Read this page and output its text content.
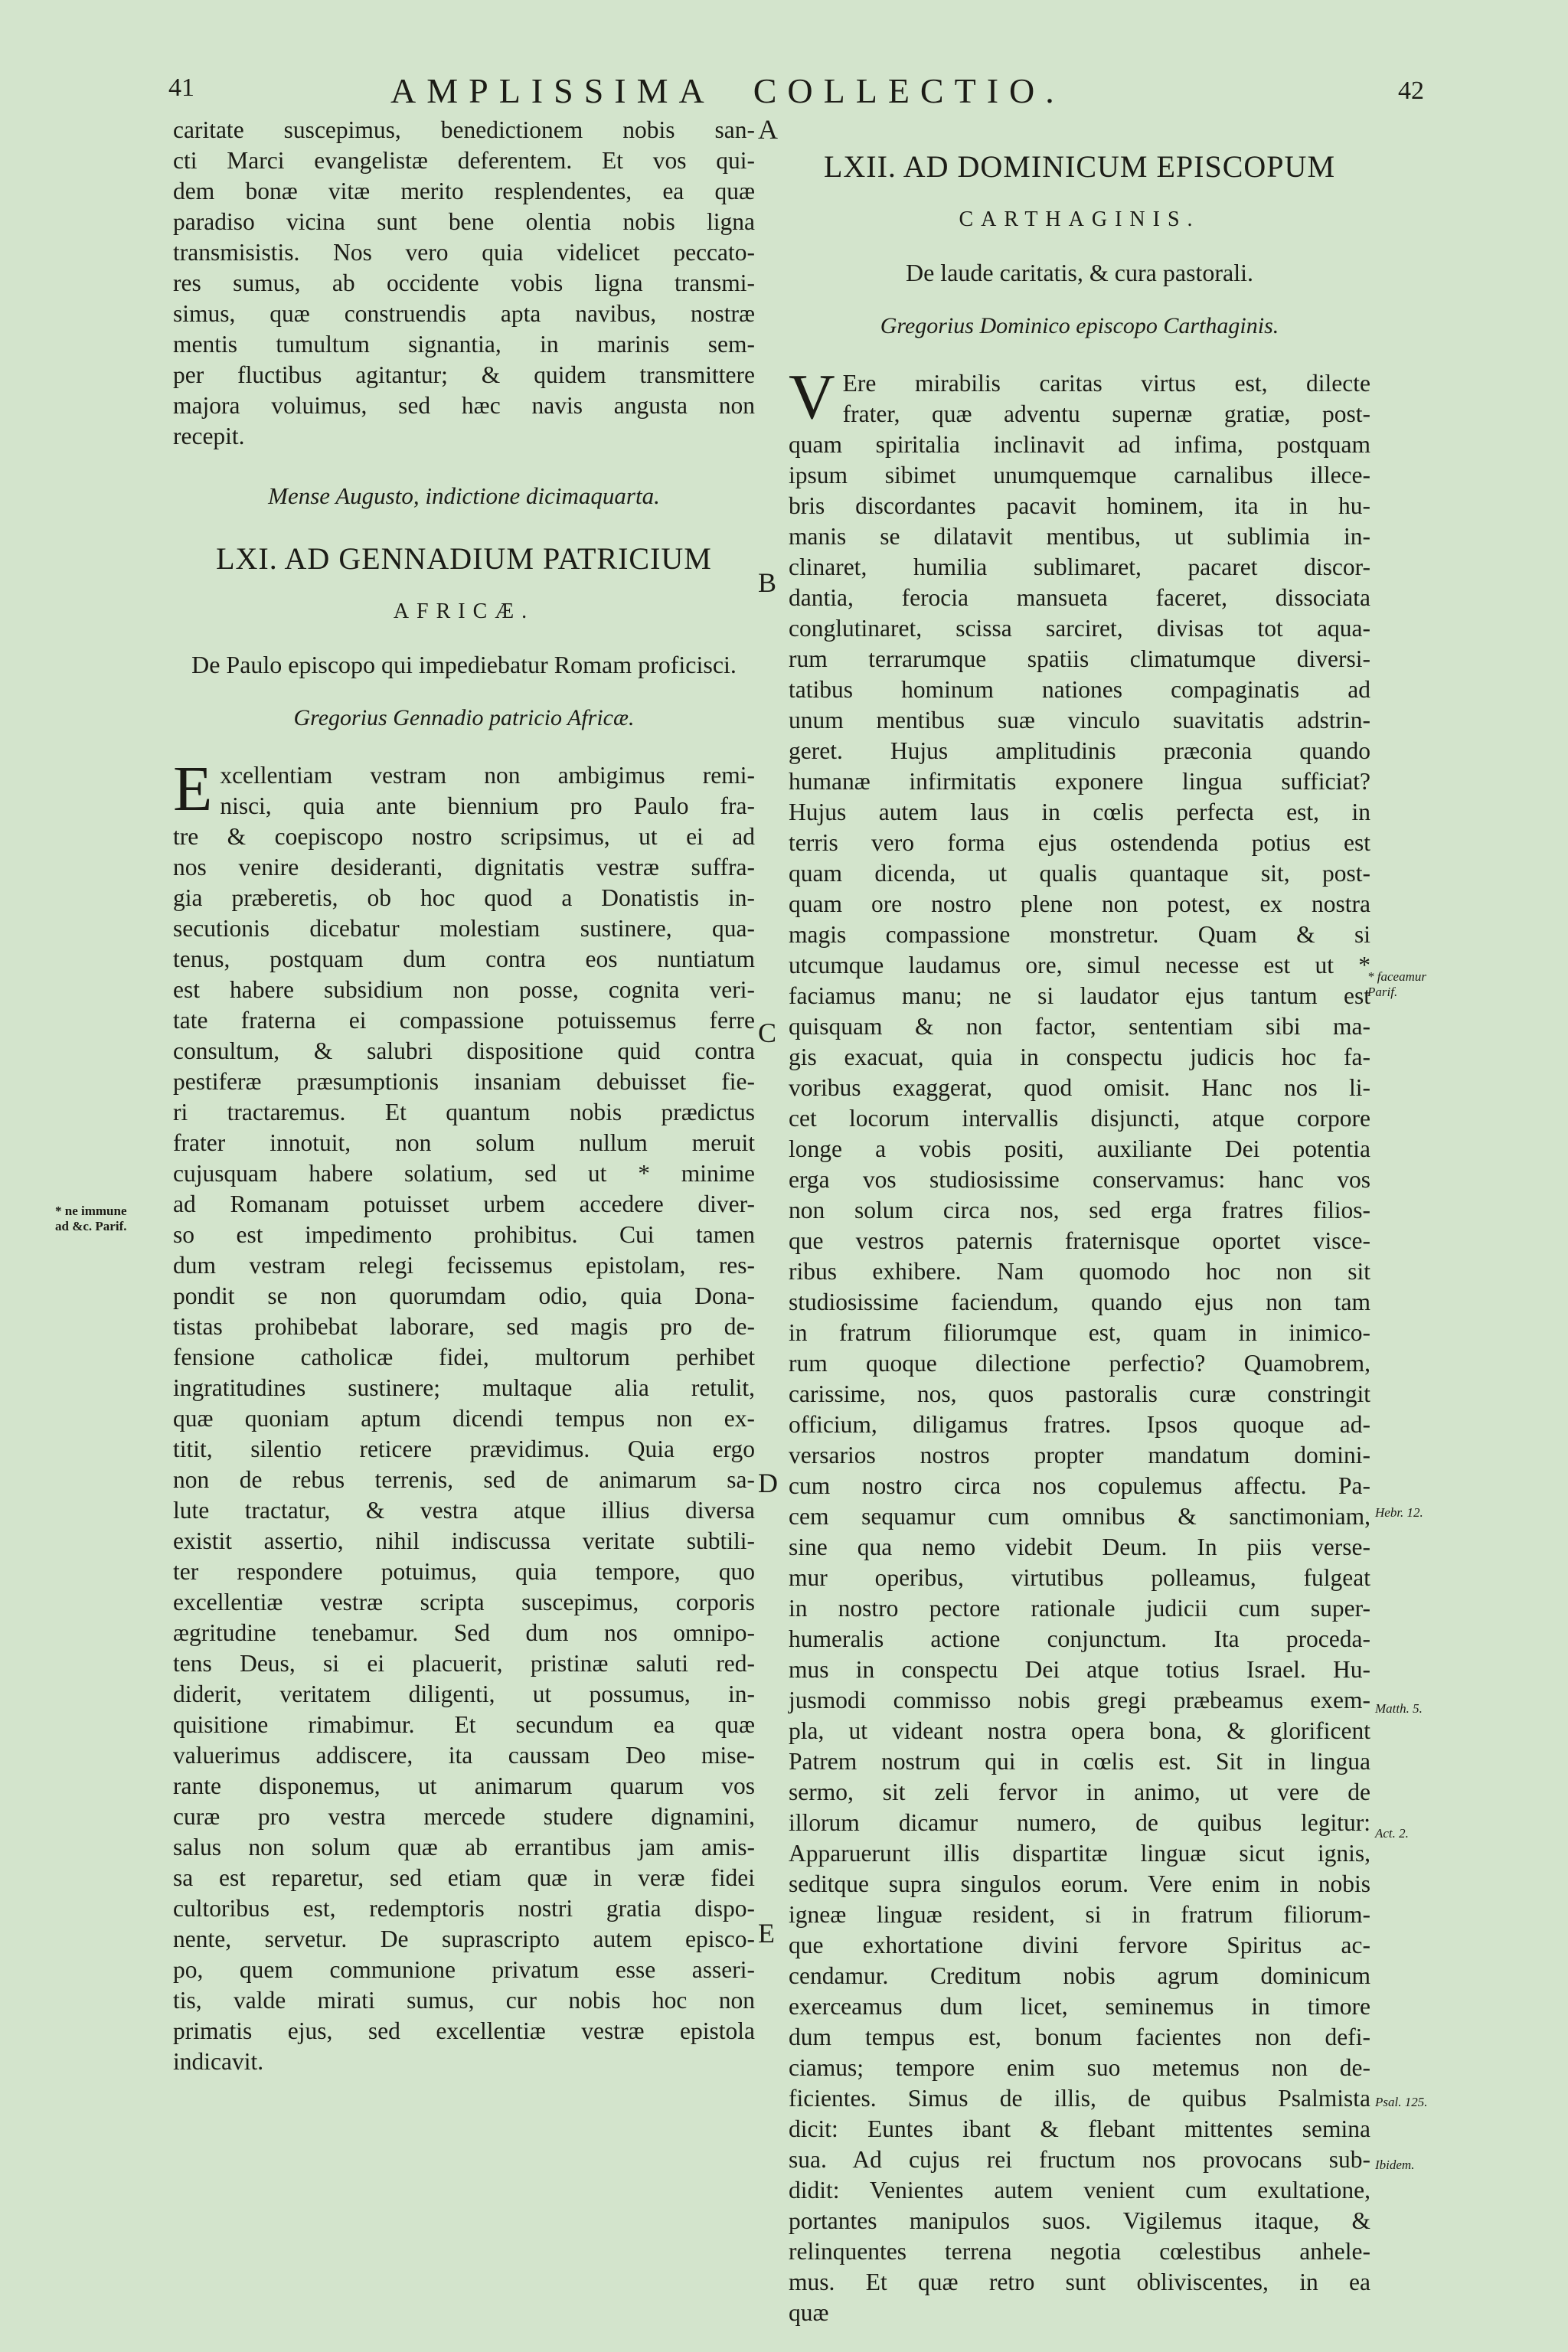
41	AMPLISSIMA COLLECTIO.	42
caritate suscepimus, benedictionem nobis san-
cti Marci evangelistæ deferentem. Et vos qui-
dem bonæ vitæ merito resplendentes, ea quæ
paradiso vicina sunt bene olentia nobis ligna
transmisistis. Nos vero quia videlicet peccato-
res sumus, ab occidente vobis ligna transmi-
simus, quæ construendis apta navibus, nostræ
mentis tumultum signantia, in marinis sem-
per fluctibus agitantur; & quidem transmittere
majora voluimus, sed hæc navis angusta non
recepit.
Mense Augusto, indictione dicimaquarta.
LXI. AD GENNADIUM PATRICIUM
AFRICÆ.
De Paulo episcopo qui impediebatur Romam proficisci.
Gregorius Gennadio patricio Africæ.
E xcellentiam vestram non ambigimus remi-
nisci, quia ante biennium pro Paulo fra-
tre & coepiscopo nostro scripsimus, ut ei ad
nos venire desideranti, dignitatis vestræ suffra-
gia præberetis, ob hoc quod a Donatistis in-
secutionis dicebatur molestiam sustinere, qua-
tenus, postquam dum contra eos nuntiatum
est habere subsidium non posse, cognita veri-
tate fraterna ei compassione potuissemus ferre
consultum, & salubri dispositione quid contra
pestiferæ præsumptionis insaniam debuisset fie-
ri tractaremus. Et quantum nobis prædictus
frater innotuit, non solum nullum meruit
cujusquam habere solatium, sed ut * minime
ad Romanam potuisset urbem accedere diver-
so est impedimento prohibitus. Cui tamen
dum vestram relegi fecissemus epistolam, res-
pondit se non quorumdam odio, quia Dona-
tistas prohibebat laborare, sed magis pro de-
fensione catholicæ fidei, multorum perhibet
ingratitudines sustinere; multaque alia retulit,
quæ quoniam aptum dicendi tempus non ex-
titit, silentio reticere prævidimus. Quia ergo
non de rebus terrenis, sed de animarum sa-
lute tractatur, & vestra atque illius diversa
existit assertio, nihil indiscussa veritate subtili-
ter respondere potuimus, quia tempore, quo
excellentiæ vestræ scripta suscepimus, corporis
ægritudine tenebamur. Sed dum nos omnipo-
tens Deus, si ei placuerit, pristinæ saluti red-
diderit, veritatem diligenti, ut possumus, in-
quisitione rimabimur. Et secundum ea quæ
valuerimus addiscere, ita caussam Deo mise-
rante disponemus, ut animarum quarum vos
curæ pro vestra mercede studere dignamini,
salus non solum quæ ab errantibus jam amis-
sa est reparetur, sed etiam quæ in veræ fidei
cultoribus est, redemptoris nostri gratia dispo-
nente, servetur. De suprascripto autem episco-
po, quem communione privatum esse asseri-
tis, valde mirati sumus, cur nobis hoc non
primatis ejus, sed excellentiæ vestræ epistola
indicavit.
LXII. AD DOMINICUM EPISCOPUM
CARTHAGINIS.
De laude caritatis, & cura pastorali.
Gregorius Dominico episcopo Carthaginis.
V Ere mirabilis caritas virtus est, dilecte
frater, quæ adventu supernæ gratiæ, post-
quam spiritalia inclinavit ad infima, postquam
ipsum sibimet unumquemque carnalibus illece-
bris discordantes pacavit hominem, ita in hu-
manis se dilatavit mentibus, ut sublimia in-
clinaret, humilia sublimaret, pacaret discor-
dantia, ferocia mansueta faceret, dissociata
conglutinaret, scissa sarciret, divisas tot aqua-
rum terrarumque spatiis climatumque diversi-
tatibus hominum nationes compaginatis ad
unum mentibus suæ vinculo suavitatis adstrin-
geret. Hujus amplitudinis præconia quando
humanæ infirmitatis exponere lingua sufficiat?
Hujus autem laus in cœlis perfecta est, in
terris vero forma ejus ostendenda potius est
quam dicenda, ut qualis quantaque sit, post-
quam ore nostro plene non potest, ex nostra
magis compassione monstretur. Quam & si
utcumque laudamus ore, simul necesse est ut *
faciamus manu; ne si laudator ejus tantum est
quisquam & non factor, sententiam sibi ma-
gis exacuat, quia in conspectu judicis hoc fa-
voribus exaggerat, quod omisit. Hanc nos li-
cet locorum intervallis disjuncti, atque corpore
longe a vobis positi, auxiliante Dei potentia
erga vos studiosissime conservamus: hanc vos
non solum circa nos, sed erga fratres filios-
que vestros paternis fraternisque oportet visce-
ribus exhibere. Nam quomodo hoc non sit
studiosissime faciendum, quando ejus non tam
in fratrum filiorumque est, quam in inimico-
rum quoque dilectione perfectio? Quamobrem,
carissime, nos, quos pastoralis curæ constringit
officium, diligamus fratres. Ipsos quoque ad-
versarios nostros propter mandatum domini-
cum nostro circa nos copulemus affectu. Pa-
cem sequamur cum omnibus & sanctimoniam,
sine qua nemo videbit Deum. In piis verse-
mur operibus, virtutibus polleamus, fulgeat
in nostro pectore rationale judicii cum super-
humeralis actione conjunctum. Ita proceda-
mus in conspectu Dei atque totius Israel. Hu-
jusmodi commisso nobis gregi præbeamus exem-
pla, ut videant nostra opera bona, & glorificent
Patrem nostrum qui in cœlis est. Sit in lingua
sermo, sit zeli fervor in animo, ut vere de
illorum dicamur numero, de quibus legitur:
Apparuerunt illis dispartitæ linguæ sicut ignis,
seditque supra singulos eorum. Vere enim in nobis
igneæ linguæ resident, si in fratrum filiorum-
que exhortatione divini fervore Spiritus ac-
cendamur. Creditum nobis agrum dominicum
exerceamus dum licet, seminemus in timore
dum tempus est, bonum facientes non defi-
ciamus; tempore enim suo metemus non de-
ficientes. Simus de illis, de quibus Psalmista
dicit: Euntes ibant & flebant mittentes semina
sua. Ad cujus rei fructum nos provocans sub-
didit: Venientes autem venient cum exultatione,
portantes manipulos suos. Vigilemus itaque, &
relinquentes terrena negotia cœlestibus anhele-
mus. Et quæ retro sunt obliviscentes, in ea
quæ
A
B
C
D
E
* ne immune
ad &c. Parif.
* faceamur
Parif.
Hebr. 12.
Matth. 5.
Act. 2.
Psal. 125.
Ibidem.
